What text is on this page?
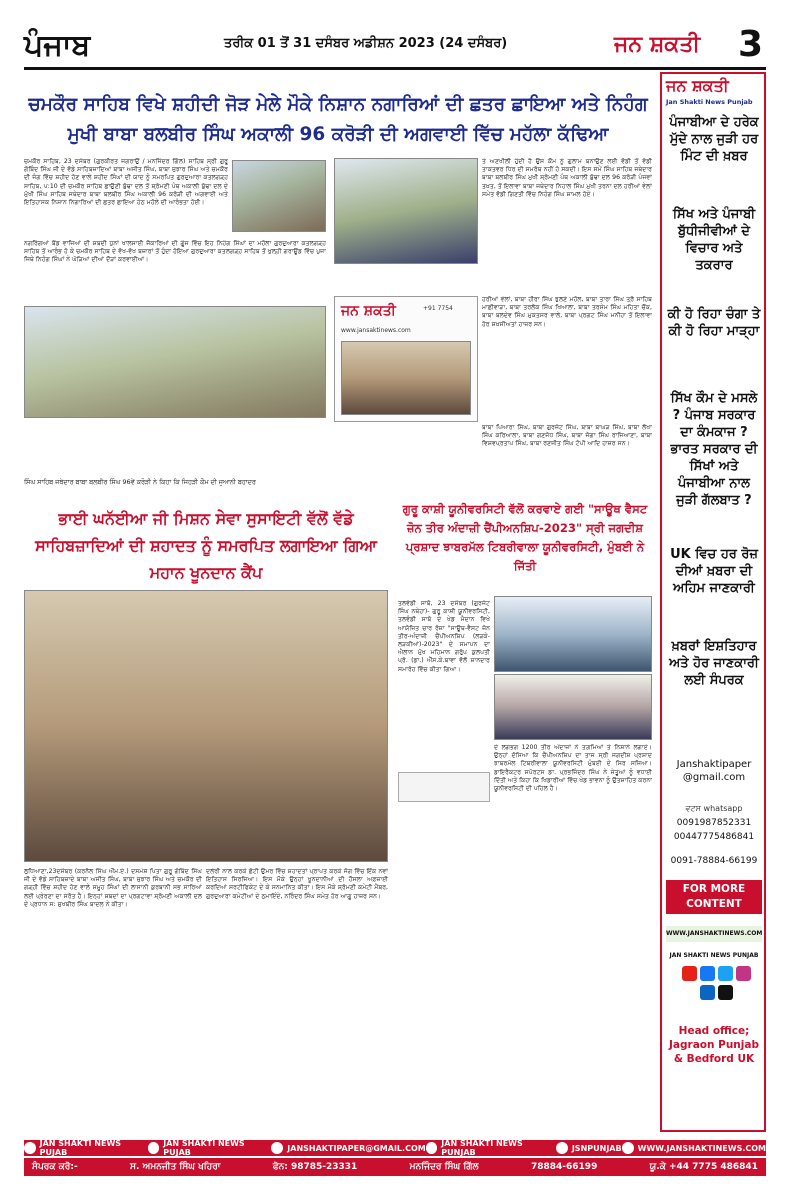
ਪੰਜਾਬ	ਤਰੀਕ 01 ਤੋਂ 31 ਦਸੰਬਰ ਅਡੀਸ਼ਨ 2023 (24 ਦਸੰਬਰ)	ਜਨ ਸ਼ਕਤੀ 3
ਚਮਕੌਰ ਸਾਹਿਬ ਵਿਖੇ ਸ਼ਹੀਦੀ ਜੋੜ ਮੇਲੇ ਮੌਕੇ ਨਿਸ਼ਾਨ ਨਗਾਰਿਆਂ ਦੀ ਛਤਰ ਛਾਇਆ ਅਤੇ ਨਿਹੰਗ ਮੁਖੀ ਬਾਬਾ ਬਲਬੀਰ ਸਿੰਘ ਅਕਾਲੀ 96 ਕਰੋੜੀ ਦੀ ਅਗਵਾਈ ਵਿੱਚ ਮਹੱਲਾ ਕੱਢਿਆ
ਚਮਕੌਰ ਸਾਹਿਬ, 23 ਦਸੰਬਰ (ਗੁਰਕੀਰਤ ਜਗਰਾਉਂ / ਮਨਜਿੰਦਰ ਗਿੱਲ) ਸਾਹਿਬ ਸ੍ਰੀ ਗੁਰੂ ਗੋਬਿੰਦ ਸਿੰਘ ਜੀ ਦੇ ਵੱਡੇ ਸਾਹਿਬਜ਼ਾਦਿਆਂ ਬਾਬਾ ਅਜੀਤ ਸਿੰਘ, ਬਾਬਾ ਜੁਝਾਰ ਸਿੰਘ ਅਤੇ ਚਮਕੌਰ ਦੀ ਜੰਗ ਵਿੱਚ ਸ਼ਹੀਦ ਹੋਣ ਵਾਲੇ ਸ਼ਹੀਦ ਸਿੰਘਾਂ ਦੀ ਯਾਦ ਨੂੰ ਸਮਰਪਿਤ ਗੁਰਦੁਆਰਾ ਕਤਲਗੜ੍ਹ ਸਾਹਿਬ, ਪ:10 ਦੀ ਚਮਕੌਰ ਸਾਹਿਬ ਛਾਉਣੀ ਬੁੱਢਾ ਦਲ ਤੋਂ ਸ਼੍ਰੋਮਣੀ ਪੰਥ ਅਕਾਲੀ ਬੁੱਢਾ ਦਲ ਦੇ ਮੁੱਖੀ ਸਿੰਘ ਸਾਹਿਬ ਜਥੇਦਾਰ ਬਾਬਾ ਬਲਬੀਰ ਸਿੰਘ ਅਕਾਲੀ 96 ਕਰੋੜੀ ਦੀ ਅਗਵਾਈ ਅਤੇ ਇਤਿਹਾਸਕ ਨਿਸ਼ਾਨ ਨਿਗਾਰਿਆਂ ਦੀ ਛਤਰ ਛਾਇਆ ਹੇਠ ਮਹੱਲੇ ਦੀ ਆਰੰਭਤਾ ਹੋਈ।
ਨਗਰਿੰਗਆਂ ਬੈਂਡ ਵਾਜਿਆਂ ਦੀ ਸ਼ਬਦੀ ਧੁਨਾਂ ਖਾਲਸਾਈ ਜੈਕਾਰਿਆਂ ਦੀ ਗੂੰਜ ਵਿੱਚ ਇਹ ਨਿਹੰਗ ਸਿੰਘਾਂ ਦਾ ਮਹੱਲਾ ਗੁਰਦੁਆਰਾ ਕਤਲਗੜ੍ਹ ਸਾਹਿਬ ਤੋਂ ਆਰੰਭ ਹੋ ਕੇ ਚਮਕੌਰ ਸਾਹਿਬ ਦੇ ਵੱਖ-ਵੱਖ ਬਜ਼ਾਰਾਂ ਤੋਂ ਹੁੰਦਾ ਹੋਇਆ ਗੁਰਦੁਆਰਾ ਕਤਲਗੜ੍ਹ ਸਾਹਿਬ ਤੋਂ ਖੁਲ੍ਹੀ ਗਰਾਊਂਡ ਵਿੱਚ ਪੁਜਾ ਜਿਥੇ ਨਿਹੰਗ ਸਿੰਘਾਂ ਨੇ ਘੋੜਿਆਂ ਦੀਆਂ ਦੌੜਾਂ ਕਰਵਾਈਆਂ।
ਤੇ ਅਣਖੀਲੀ ਹੁੰਦੀ ਹੈ ਉਸ ਕੌਮ ਨੂੰ ਗੁਲਾਮ ਬਨਾਉਣ ਲਈ ਵੱਡੀ ਤੋਂ ਵੱਡੀ ਤਾਕਤਵਰ ਧਿਰ ਦੀ ਸਮਰੱਥ ਨਹੀਂ ਹੋ ਸਕਦੀ। ਇਸ ਸਮੇਂ ਸਿੰਘ ਸਾਹਿਬ ਜਥੇਦਾਰ ਬਾਬਾ ਬਲਬੀਰ ਸਿੰਘ ਮੁਖੀ ਸ਼੍ਰੋਮਣੀ ਪੰਥ ਅਕਾਲੀ ਬੁੱਢਾ ਦਲ 96 ਕਰੋੜੀ ਪੰਜਵਾਂ ਤਖ਼ਤ, ਤੋਂ ਇਲਾਵਾ ਬਾਬਾ ਜਥੇਦਾਰ ਨਿਹਾਲ ਸਿੰਘ ਮੁਖੀ ਤਰਨਾ ਦਲ ਹਰੀਆਂ ਵੇਲਾਂ ਸਮੇਤ ਵੱਡੀ ਗਿਣਤੀ ਵਿੱਚ ਨਿਹੰਗ ਸਿੰਘ ਸ਼ਾਮਲ ਹੋਏ।
ਬਾਬਾ ਪਿਆਰਾ ਸਿੰਘ, ਬਾਬਾ ਗੁਰਜੰਟ ਸਿੰਘ, ਬਾਬਾ ਬਾਘੜ ਸਿੰਘ, ਬਾਬਾ ਲੱਖਾ ਸਿੰਘ ਕਰਿਆਲਾ, ਬਾਬਾ ਗਣਜੋਧ ਸਿੰਘ, ਬਾਬਾ ਜੋਗਾ ਸਿੰਘ ਰਾਜਿਆਣਾ, ਬਾਬਾ ਵਿਸ਼ਵਪ੍ਰਤਾਪ ਸਿੰਘ, ਬਾਬਾ ਰਣਜੀਤ ਸਿੰਘ ਟੱਪੀ ਆਦਿ ਹਾਜ਼ਰ ਸਨ।
ਜਨ ਸ਼ਕਤੀ	+91 7754
www.jansaktinews.com
ਹਰੀਆਂ ਵੇਲਾਂ, ਬਾਬਾ ਹੀਰਾ ਸਿੰਘ ਝੁਲਣੇ ਮਹੱਲ, ਬਾਬਾ ਤਾਰਾ ਸਿੰਘ ਤ੍ਰੈ ਸਾਹਿਬ ਮਾਛੀਵਾੜਾ, ਬਾਬਾ ਤਰਲੋਕ ਸਿੰਘ ਖਿਆਲਾ, ਬਾਬਾ ਤਰਸੇਮ ਸਿੰਘ ਮਹਿਤਾ ਚੌਂਕ, ਬਾਬਾ ਬਲਦੇਵ ਸਿੰਘ ਮੁਕਤਸਰ ਵਾਲੇ, ਬਾਬਾ ਪ੍ਰਗਟ ਸਿੰਘ ਮਨੀਹਾ ਤੋਂ ਇਲਾਵਾ ਹੋਰ ਸ਼ਖ਼ਸੀਅਤਾਂ ਹਾਜ਼ਰ ਸਨ।
ਸਿੰਘ ਸਾਹਿਬ ਜਥੇਦਾਰ ਬਾਬਾ ਬਲਬੀਰ ਸਿੰਘ 96ਵੇਂ ਕਰੋੜੀ ਨੇ ਕਿਹਾ ਕਿ ਜਿਹੜੀ ਕੌਮ ਦੀ ਜੁਆਨੀ ਬਹਾਦਰ
ਭਾਈ ਘਨੱਈਆ ਜੀ ਮਿਸ਼ਨ ਸੇਵਾ ਸੁਸਾਇਟੀ ਵੱਲੋਂ ਵੱਡੇ ਸਾਹਿਬਜ਼ਾਦਿਆਂ ਦੀ ਸ਼ਹਾਦਤ ਨੂੰ ਸਮਰਪਿਤ ਲਗਾਇਆ ਗਿਆ ਮਹਾਨ ਖੂਨਦਾਨ ਕੈਂਪ
ਲੁਧਿਆਣਾ,23ਦਸੰਬਰ (ਕਰਨੈਲ ਸਿੰਘ ਐੱਮ.ਏ.) ਦਸਮੇਸ਼ ਪਿਤਾ ਗੁਰੂ ਗੋਬਿੰਦ ਸਿੰਘ ਜੀ ਦੇ ਵੱਡੇ ਸਾਹਿਬਜ਼ਾਦੇ ਬਾਬਾ ਅਜੀਤ ਸਿੰਘ, ਬਾਬਾ ਜੁਝਾਰ ਸਿੰਘ ਅਤੇ ਚਮਕੌਰ ਦੀ ਗੜ੍ਹੀ ਵਿੱਚ ਸ਼ਹੀਦ ਹੋਣ ਵਾਲੇ ਸਮੂਹ ਸਿੰਘਾਂ ਦੀ ਲਾਸਾਨੀ ਕੁਰਬਾਨੀ ਸਭ ਸਾਰਿਆਂ ਲਈ ਪ੍ਰੇਰਣਾ ਦਾ ਸਰੋਤ ਹੈ। ਇਨ੍ਹਾਂ ਸ਼ਬਦਾਂ ਦਾ ਪ੍ਰਗਟਾਵਾ ਸ਼੍ਰੋਮਣੀ ਅਕਾਲੀ ਦਲ ਦੇ ਪ੍ਰਧਾਨ ਸ: ਸੁਖਬੀਰ ਸਿੰਘ ਬਾਦਲ ਨੇ ਕੀਤਾ।
ਦਲੇਰੀ ਨਾਲ ਕਰਕੇ ਛੋਟੀ ਉਮਰ ਵਿੱਚ ਸ਼ਹਾਦਤਾਂ ਪ੍ਰਾਪਤ ਕਰਕੇ ਜੱਗ ਵਿੱਚ ਇੱਕ ਨਵਾਂ ਇਤਿਹਾਸ ਸਿਰਜਿਆ। ਇਸ ਮੌਕੇ ਉਨ੍ਹਾਂ ਖੂਨਦਾਨੀਆਂ ਦੀ ਹੌਸਲਾ ਅਫ਼ਜ਼ਾਈ ਕਰਦਿਆਂ ਸਰਟੀਫਿਕੇਟ ਦੇ ਕੇ ਸਨਮਾਨਿਤ ਕੀਤਾ। ਇਸ ਮੌਕੇ ਸ਼੍ਰੋਮਣੀ ਕਮੇਟੀ ਮੈਂਬਰ, ਗੁਰਦੁਆਰਾ ਕਮੇਟੀਆਂ ਦੇ ਨੁਮਾਇੰਦੇ, ਨਰਿੰਦਰ ਸਿੰਘ ਸਮੇਤ ਹੋਰ ਆਗੂ ਹਾਜ਼ਰ ਸਨ।
ਗੁਰੂ ਕਾਸ਼ੀ ਯੂਨੀਵਰਸਿਟੀ ਵੱਲੋਂ ਕਰਵਾਏ ਗਈ "ਸਾਊਥ ਵੈਸਟ ਜ਼ੋਨ ਤੀਰ ਅੰਦਾਜ਼ੀ ਚੈਂਪੀਅਨਸ਼ਿਪ-2023" ਸ੍ਰੀ ਜਗਦੀਸ਼ ਪ੍ਰਸ਼ਾਦ ਝਾਬਰਮੱਲ ਟਿਬਰੀਵਾਲਾ ਯੂਨੀਵਰਸਿਟੀ, ਮੁੰਬਈ ਨੇ ਜਿੱਤੀ
ਤਲਵੰਡੀ ਸਾਬੋ, 23 ਦਸੰਬਰ (ਗੁਰਜੰਟ ਸਿੰਘ ਨਥੇਹਾ)- ਗੁਰੂ ਕਾਸ਼ੀ ਯੂਨੀਵਰਸਿਟੀ, ਤਲਵੰਡੀ ਸਾਬੋ ਦੇ ਖੇਡ ਮੈਦਾਨ ਵਿਖੇ ਆਯੋਜਿਤ ਚਾਰ ਰੋਜ਼ਾ "ਸਾਊਥ-ਵੈਸਟ ਜ਼ੋਨ ਤੀਰ-ਅੰਦਾਜ਼ੀ ਚੈਂਪੀਅਨਸ਼ਿਪ (ਲੜਕੇ-ਲੜਕੀਆਂ)-2023" ਦੇ ਸਮਾਪਨ ਦਾ ਐਲਾਨ ਮੁੱਖ ਮਹਿਮਾਨ ਗਰੁੱਪ ਕੁਲਪਤੀ ਪ੍ਰੋ. (ਡਾ.) ਐੱਸ.ਕੇ.ਬਾਵਾ ਵੱਲੋਂ ਸ਼ਾਨਦਾਰ ਸਮਾਰੋਹ ਵਿੱਚ ਕੀਤਾ ਗਿਆ।
ਦੇ ਲਗਭਗ 1200 ਤੀਰ ਅੰਦਾਜ਼ਾਂ ਨੇ ਤਗ਼ਮਿਆਂ ਤੇ ਨਿਸ਼ਾਨੇ ਲਗਾਏ। ਉਨ੍ਹਾਂ ਦੱਸਿਆ ਕਿ ਚੈਂਪੀਅਨਸ਼ਿਪ ਦਾ ਤਾਜ ਸ੍ਰੀ ਜਗਦੀਸ਼ ਪ੍ਰਸ਼ਾਦ ਝਾਬਰਮੱਲ ਟਿਬਰੀਵਾਲਾ ਯੂਨੀਵਰਸਿਟੀ ਮੁੰਬਈ ਦੇ ਸਿਰ ਸਜਿਆ। ਡਾਇਰੈਕਟਰ ਸਪੋਰਟਸ ਡਾ. ਪ੍ਰਭਜਿੰਦਰ ਸਿੰਘ ਨੇ ਜੇਤੂਆਂ ਨੂੰ ਵਧਾਈ ਦਿੱਤੀ ਅਤੇ ਕਿਹਾ ਕਿ ਖਿਡਾਰੀਆਂ ਵਿੱਚ ਖੇਡ ਭਾਵਨਾ ਨੂੰ ਉਤਸ਼ਾਹਿਤ ਕਰਨਾ ਯੂਨੀਵਰਸਿਟੀ ਦੀ ਪਹਿਲ ਹੈ।
ਜਨ ਸ਼ਕਤੀ
Jan Shakti News Punjab
ਪੰਜਾਬੀਆ ਦੇ ਹਰੇਕ ਮੁੱਦੇ ਨਾਲ ਜੁੜੀ ਹਰ ਮਿੰਟ ਦੀ ਖ਼ਬਰ
ਸਿੱਖ ਅਤੇ ਪੰਜਾਬੀ ਬੁੱਧੀਜੀਵੀਆਂ ਦੇ ਵਿਚਾਰ ਅਤੇ ਤਕਰਾਰ
ਕੀ ਹੋ ਰਿਹਾ ਚੰਗਾ ਤੇ ਕੀ ਹੋ ਰਿਹਾ ਮਾੜ੍ਹਾ
ਸਿੱਖ ਕੌਮ ਦੇ ਮਸਲੇ ? ਪੰਜਾਬ ਸਰਕਾਰ ਦਾ ਕੰਮਕਾਜ ? ਭਾਰਤ ਸਰਕਾਰ ਦੀ ਸਿੱਖਾਂ ਅਤੇ ਪੰਜਾਬੀਆ ਨਾਲ ਜੁੜੀ ਗੱਲਬਾਤ ?
UK ਵਿਚ ਹਰ ਰੋਜ਼ ਦੀਆਂ ਖ਼ਬਰਾ ਦੀ ਅਹਿਮ ਜਾਣਕਾਰੀ
ਖ਼ਬਰਾਂ ਇਸ਼ਤਿਹਾਰ ਅਤੇ ਹੋਰ ਜਾਣਕਾਰੀ ਲਈ ਸੰਪਰਕ
Janshaktipaper @gmail.com
ਵਟਸ whatsapp
0091987852331
00447775486841
0091-78884-66199
FOR MORE CONTENT
WWW.JANSHAKTINEWS.COM
JAN SHAKTI NEWS PUNJAB
Head office; Jagraon Punjab & Bedford UK
JAN SHAKTI NEWS PUJAB
JAN SHAKTI NEWS PUJAB	JANSHAKTIPAPER@GMAIL.COM JAN SHAKTI NEWS PUNJAB	JSNPUNJAB WWW.JANSHAKTINEWS.COM
ਸੰਪਰਕ ਕਰੋ:-	ਸ. ਅਮਨਜੀਤ ਸਿੰਘ ਖਹਿਰਾ	ਫੋਨ: 98785-23331	ਮਨਜਿੰਦਰ ਸਿੰਘ ਗਿੱਲ	78884-66199	ਯੂ.ਕੇ +44 7775 486841
